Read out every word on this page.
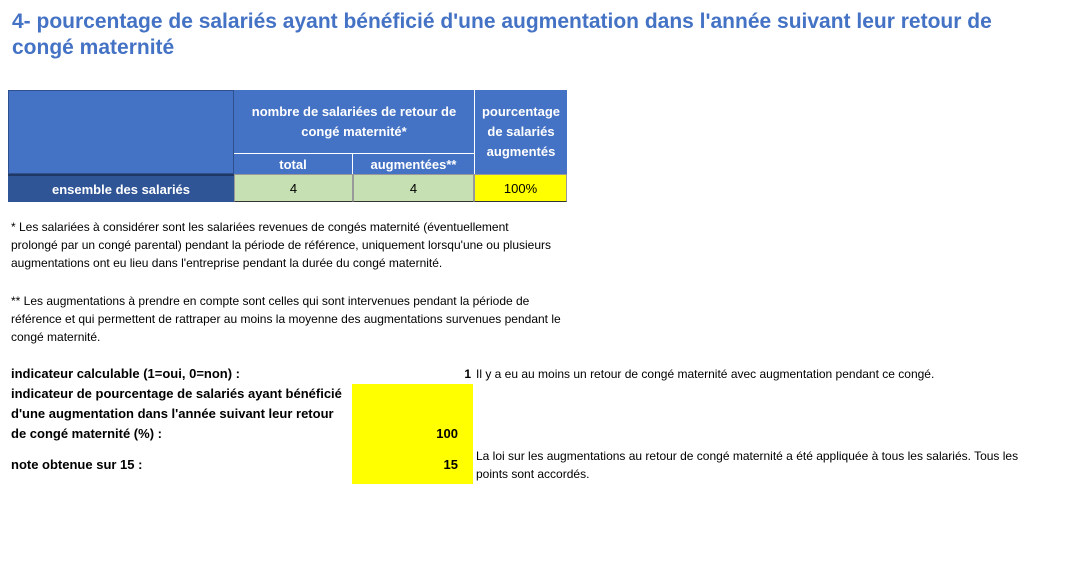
4- pourcentage de salariés ayant bénéficié d'une augmentation dans l'année suivant leur retour de congé maternité
nombre de salariées de retour de congé maternité*
pourcentage de salariés augmentés
total	augmentées**
ensemble des salariés	4	4	100%
* Les salariées à considérer sont les salariées revenues de congés maternité (éventuellement prolongé par un congé parental) pendant la période de référence, uniquement lorsqu'une ou plusieurs augmentations ont eu lieu dans l'entreprise pendant la durée du congé maternité.
** Les augmentations à prendre en compte sont celles qui sont intervenues pendant la période de référence et qui permettent de rattraper au moins la moyenne des augmentations survenues pendant le congé maternité.
indicateur calculable (1=oui, 0=non) :	1 Il y a eu au moins un retour de congé maternité avec augmentation pendant ce congé.
indicateur de pourcentage de salariés ayant bénéficié d'une augmentation dans l'année suivant leur retour de congé maternité (%) :	100
note obtenue sur 15 :	15
La loi sur les augmentations au retour de congé maternité a été appliquée à tous les salariés. Tous les points sont accordés.
